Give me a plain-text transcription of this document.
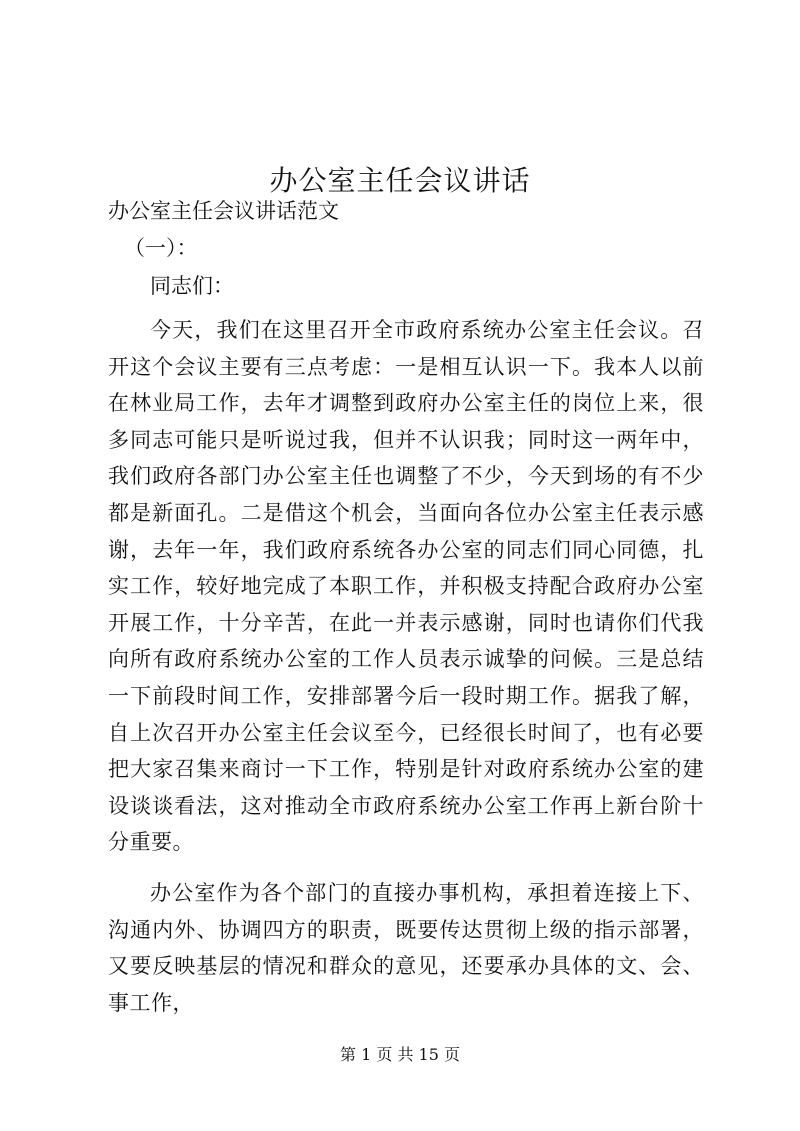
办公室主任会议讲话
办公室主任会议讲话范文
（一）：
同志们：
今天，我们在这里召开全市政府系统办公室主任会议。召开这个会议主要有三点考虑：一是相互认识一下。我本人以前在林业局工作，去年才调整到政府办公室主任的岗位上来，很多同志可能只是听说过我，但并不认识我；同时这一两年中，我们政府各部门办公室主任也调整了不少，今天到场的有不少都是新面孔。二是借这个机会，当面向各位办公室主任表示感谢，去年一年，我们政府系统各办公室的同志们同心同德，扎实工作，较好地完成了本职工作，并积极支持配合政府办公室开展工作，十分辛苦，在此一并表示感谢，同时也请你们代我向所有政府系统办公室的工作人员表示诚挚的问候。三是总结一下前段时间工作，安排部署今后一段时期工作。据我了解，自上次召开办公室主任会议至今，已经很长时间了，也有必要把大家召集来商讨一下工作，特别是针对政府系统办公室的建设谈谈看法，这对推动全市政府系统办公室工作再上新台阶十分重要。
办公室作为各个部门的直接办事机构，承担着连接上下、沟通内外、协调四方的职责，既要传达贯彻上级的指示部署，又要反映基层的情况和群众的意见，还要承办具体的文、会、事工作，
第 1 页 共 15 页
